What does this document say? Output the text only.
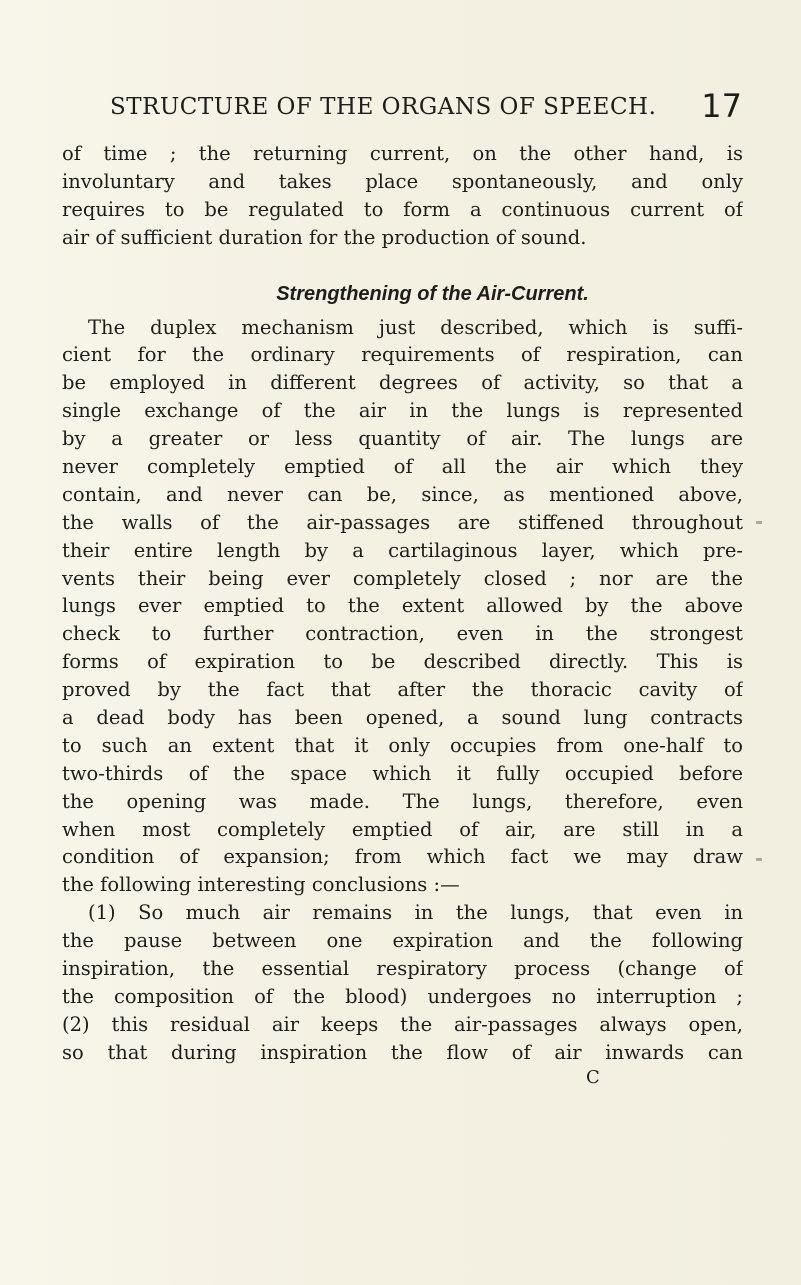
STRUCTURE OF THE ORGANS OF SPEECH. 17
of time ; the returning current, on the other hand, is
involuntary and takes place spontaneously, and only
requires to be regulated to form a continuous current of
air of sufficient duration for the production of sound.
Strengthening of the Air-Current.
The duplex mechanism just described, which is suffi-
cient for the ordinary requirements of respiration, can
be employed in different degrees of activity, so that a
single exchange of the air in the lungs is represented
by a greater or less quantity of air. The lungs are
never completely emptied of all the air which they
contain, and never can be, since, as mentioned above,
the walls of the air-passages are stiffened throughout
their entire length by a cartilaginous layer, which pre-
vents their being ever completely closed ; nor are the
lungs ever emptied to the extent allowed by the above
check to further contraction, even in the strongest
forms of expiration to be described directly. This is
proved by the fact that after the thoracic cavity of
a dead body has been opened, a sound lung contracts
to such an extent that it only occupies from one-half to
two-thirds of the space which it fully occupied before
the opening was made. The lungs, therefore, even
when most completely emptied of air, are still in a
condition of expansion; from which fact we may draw
the following interesting conclusions :—
(1) So much air remains in the lungs, that even in
the pause between one expiration and the following
inspiration, the essential respiratory process (change of
the composition of the blood) undergoes no interruption ;
(2) this residual air keeps the air-passages always open,
so that during inspiration the flow of air inwards can
C
